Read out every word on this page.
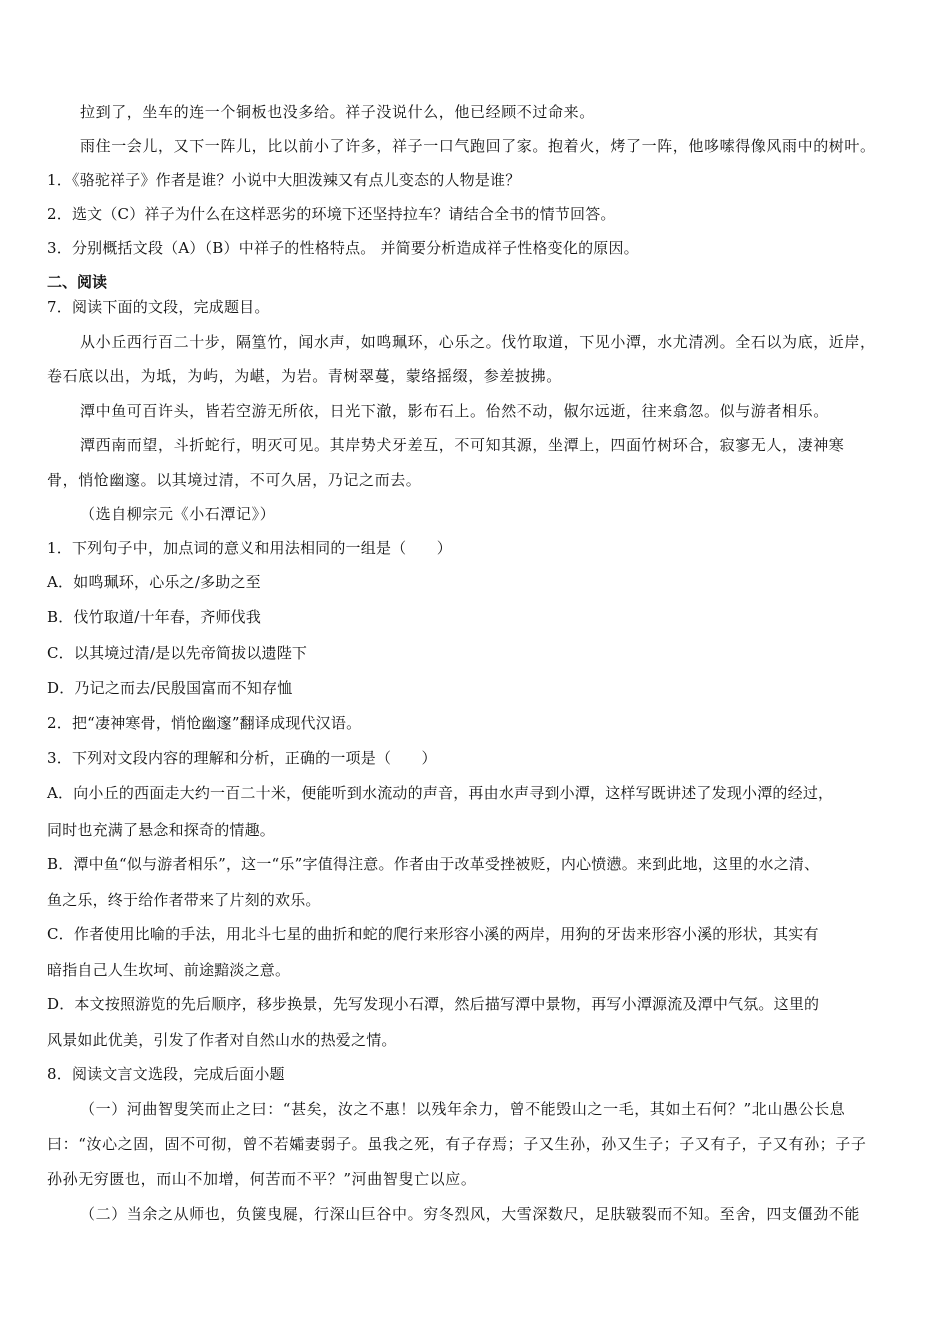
拉到了，坐车的连一个铜板也没多给。祥子没说什么，他已经顾不过命来。
雨住一会儿，又下一阵儿，比以前小了许多，祥子一口气跑回了家。抱着火，烤了一阵，他哆嗦得像风雨中的树叶。
1．《骆驼祥子》作者是谁？小说中大胆泼辣又有点儿变态的人物是谁？
2．选文（C）祥子为什么在这样恶劣的环境下还坚持拉车？请结合全书的情节回答。
3．分别概括文段（A）（B）中祥子的性格特点。 并简要分析造成祥子性格变化的原因。
二、阅读
7．阅读下面的文段，完成题目。
从小丘西行百二十步，隔篁竹，闻水声，如鸣珮环，心乐之。伐竹取道，下见小潭，水尤清冽。全石以为底，近岸，
卷石底以出，为坻，为屿，为嵁，为岩。青树翠蔓，蒙络摇缀，参差披拂。
潭中鱼可百许头，皆若空游无所依，日光下澈，影布石上。佁然不动，俶尔远逝，往来翕忽。似与游者相乐。
潭西南而望，斗折蛇行，明灭可见。其岸势犬牙差互，不可知其源，坐潭上，四面竹树环合，寂寥无人，凄神寒
骨，悄怆幽邃。以其境过清，不可久居，乃记之而去。
（选自柳宗元《小石潭记》）
1．下列句子中，加点词的意义和用法相同的一组是（　　）
A．如鸣珮环，心乐之/多助之至
B．伐竹取道/十年春，齐师伐我
C．以其境过清/是以先帝简拔以遗陛下
D．乃记之而去/民殷国富而不知存恤
2．把“凄神寒骨，悄怆幽邃”翻译成现代汉语。
3．下列对文段内容的理解和分析，正确的一项是（　　）
A．向小丘的西面走大约一百二十米，便能听到水流动的声音，再由水声寻到小潭，这样写既讲述了发现小潭的经过，
同时也充满了悬念和探奇的情趣。
B．潭中鱼“似与游者相乐”，这一“乐”字值得注意。作者由于改革受挫被贬，内心愤懑。来到此地，这里的水之清、
鱼之乐，终于给作者带来了片刻的欢乐。
C．作者使用比喻的手法，用北斗七星的曲折和蛇的爬行来形容小溪的两岸，用狗的牙齿来形容小溪的形状，其实有
暗指自己人生坎坷、前途黯淡之意。
D．本文按照游览的先后顺序，移步换景，先写发现小石潭，然后描写潭中景物，再写小潭源流及潭中气氛。这里的
风景如此优美，引发了作者对自然山水的热爱之情。
8．阅读文言文选段，完成后面小题
（一）河曲智叟笑而止之曰：“甚矣，汝之不惠！以残年余力，曾不能毁山之一毛，其如土石何？”北山愚公长息
曰：“汝心之固，固不可彻，曾不若孀妻弱子。虽我之死，有子存焉；子又生孙，孙又生子；子又有子，子又有孙；子子
孙孙无穷匮也，而山不加增，何苦而不平？”河曲智叟亡以应。
（二）当余之从师也，负箧曳屣，行深山巨谷中。穷冬烈风，大雪深数尺，足肤皲裂而不知。至舍，四支僵劲不能
